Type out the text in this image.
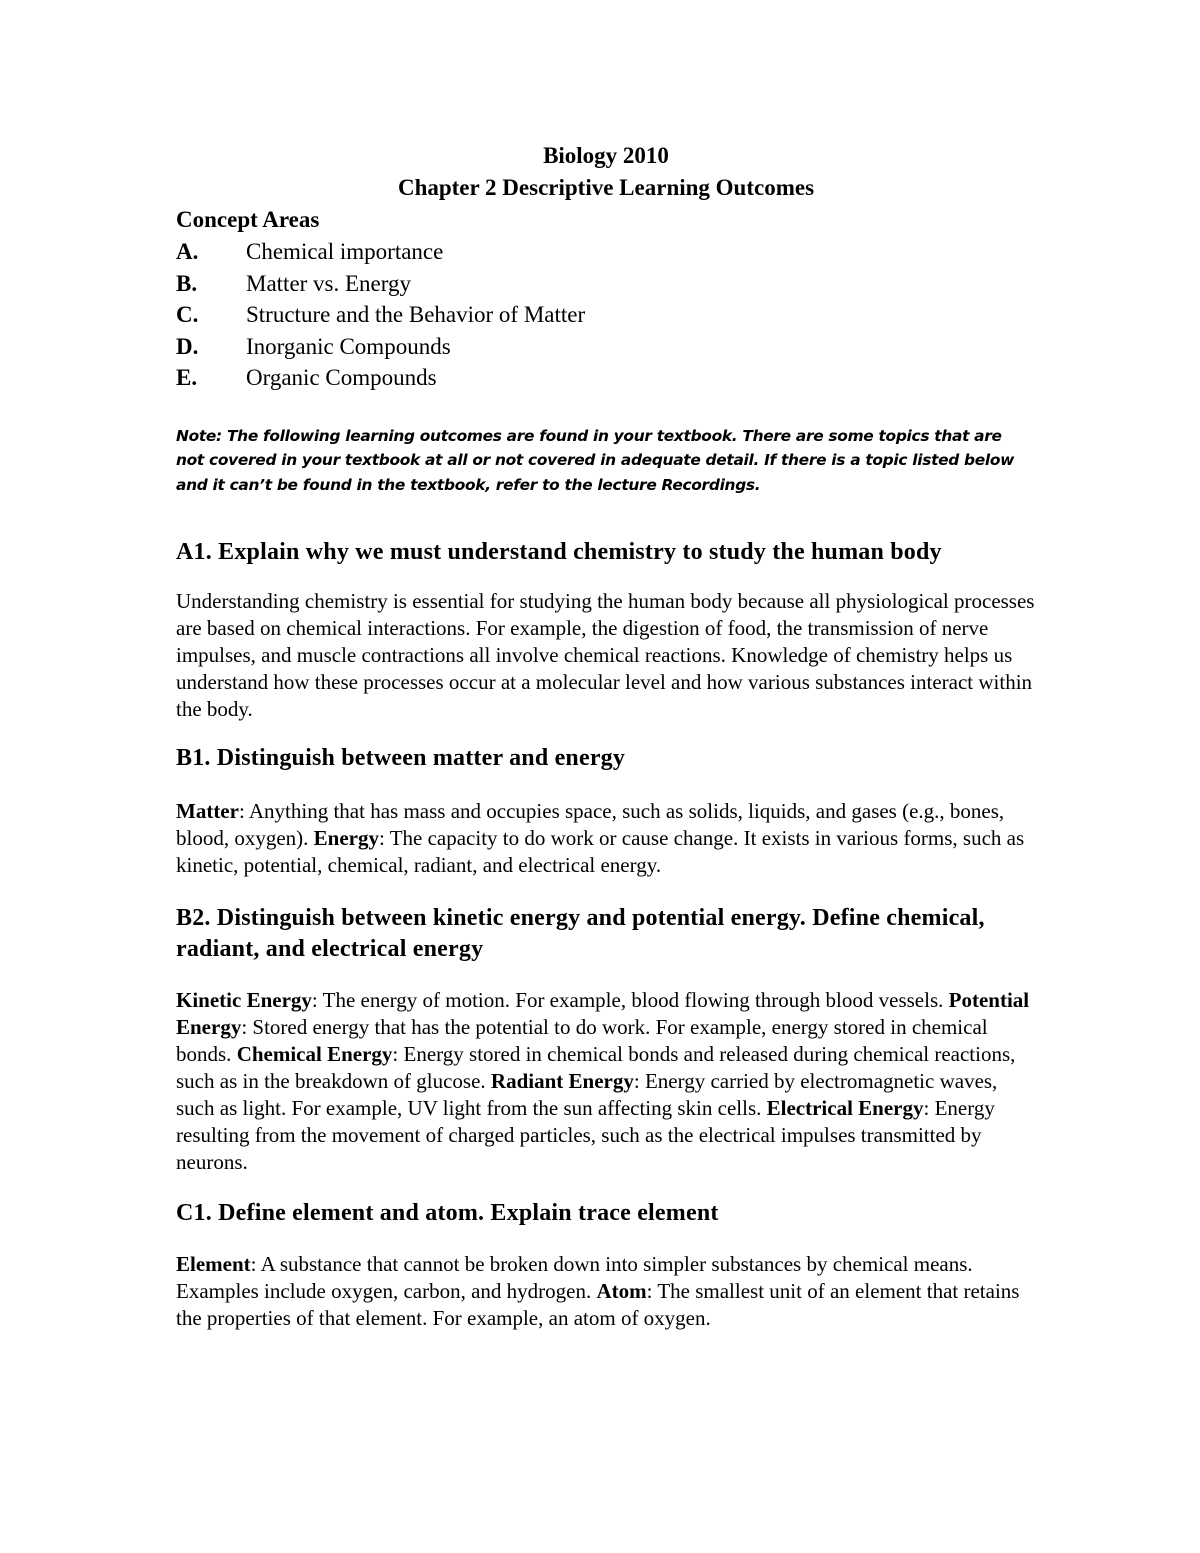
Biology 2010

Chapter 2 Descriptive Learning Outcomes

Concept Areas

A.	Chemical importance
B.	Matter vs. Energy
C.	Structure and the Behavior of Matter
D.	Inorganic Compounds
E.	Organic Compounds

Note: The following learning outcomes are found in your textbook. There are some topics that are not covered in your textbook at all or not covered in adequate detail. If there is a topic listed below and it can’t be found in the textbook, refer to the lecture Recordings.

A1. Explain why we must understand chemistry to study the human body

Understanding chemistry is essential for studying the human body because all physiological processes are based on chemical interactions. For example, the digestion of food, the transmission of nerve impulses, and muscle contractions all involve chemical reactions. Knowledge of chemistry helps us understand how these processes occur at a molecular level and how various substances interact within the body.

B1. Distinguish between matter and energy

Matter: Anything that has mass and occupies space, such as solids, liquids, and gases (e.g., bones, blood, oxygen). Energy: The capacity to do work or cause change. It exists in various forms, such as kinetic, potential, chemical, radiant, and electrical energy.

B2. Distinguish between kinetic energy and potential energy. Define chemical, radiant, and electrical energy

Kinetic Energy: The energy of motion. For example, blood flowing through blood vessels. Potential Energy: Stored energy that has the potential to do work. For example, energy stored in chemical bonds. Chemical Energy: Energy stored in chemical bonds and released during chemical reactions, such as in the breakdown of glucose. Radiant Energy: Energy carried by electromagnetic waves, such as light. For example, UV light from the sun affecting skin cells. Electrical Energy: Energy resulting from the movement of charged particles, such as the electrical impulses transmitted by neurons.

C1. Define element and atom. Explain trace element

Element: A substance that cannot be broken down into simpler substances by chemical means. Examples include oxygen, carbon, and hydrogen. Atom: The smallest unit of an element that retains the properties of that element. For example, an atom of oxygen.
